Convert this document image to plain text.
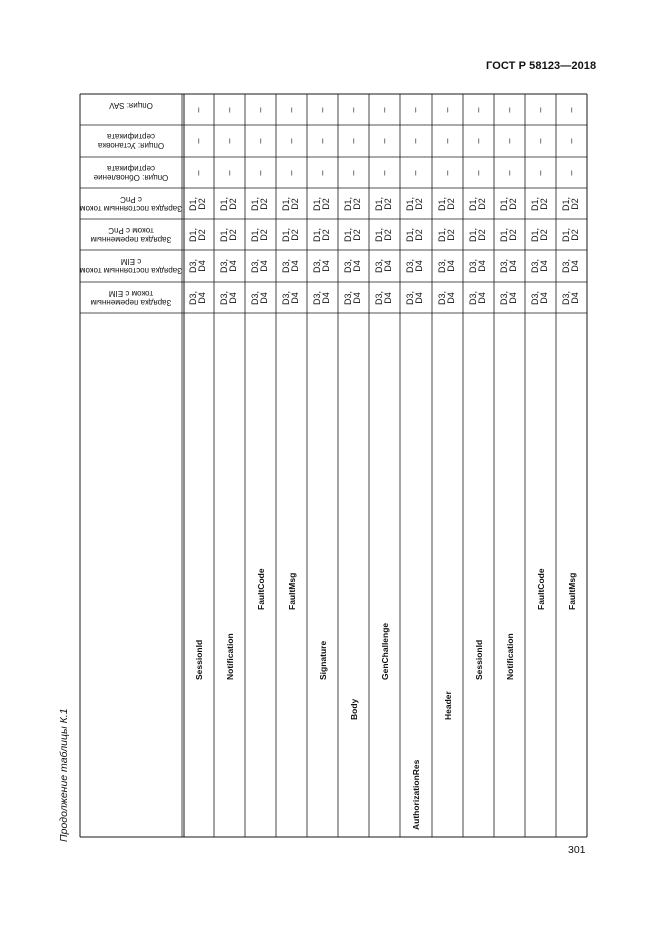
ГОСТ Р 58123—2018
Опция: SAV
Опция: Установка сертификата
Опция: Обновление сертификата
Зарядка постоянным током с PnC
Зарядка переменным током с PnC
Зарядка постоянным током с EIM
Зарядка переменным током с EIM
–
–
–
D1, D2
D1, D2
D3, D4
D3, D4
SessionId
–
–
–
D1, D2
D1, D2
D3, D4
D3, D4
Notification
–
–
–
D1, D2
D1, D2
D3, D4
D3, D4
FaultCode
–
–
–
D1, D2
D1, D2
D3, D4
D3, D4
FaultMsg
–
–
–
D1, D2
D1, D2
D3, D4
D3, D4
Signature
–
–
–
D1, D2
D1, D2
D3, D4
D3, D4
Body
–
–
–
D1, D2
D1, D2
D3, D4
D3, D4
GenChallenge
–
–
–
D1, D2
D1, D2
D3, D4
D3, D4
AuthorizationRes
–
–
–
D1, D2
D1, D2
D3, D4
D3, D4
Header
–
–
–
D1, D2
D1, D2
D3, D4
D3, D4
SessionId
–
–
–
D1, D2
D1, D2
D3, D4
D3, D4
Notification
–
–
–
D1, D2
D1, D2
D3, D4
D3, D4
FaultCode
–
–
–
D1, D2
D1, D2
D3, D4
D3, D4
FaultMsg
Продолжение таблицы К.1
301
